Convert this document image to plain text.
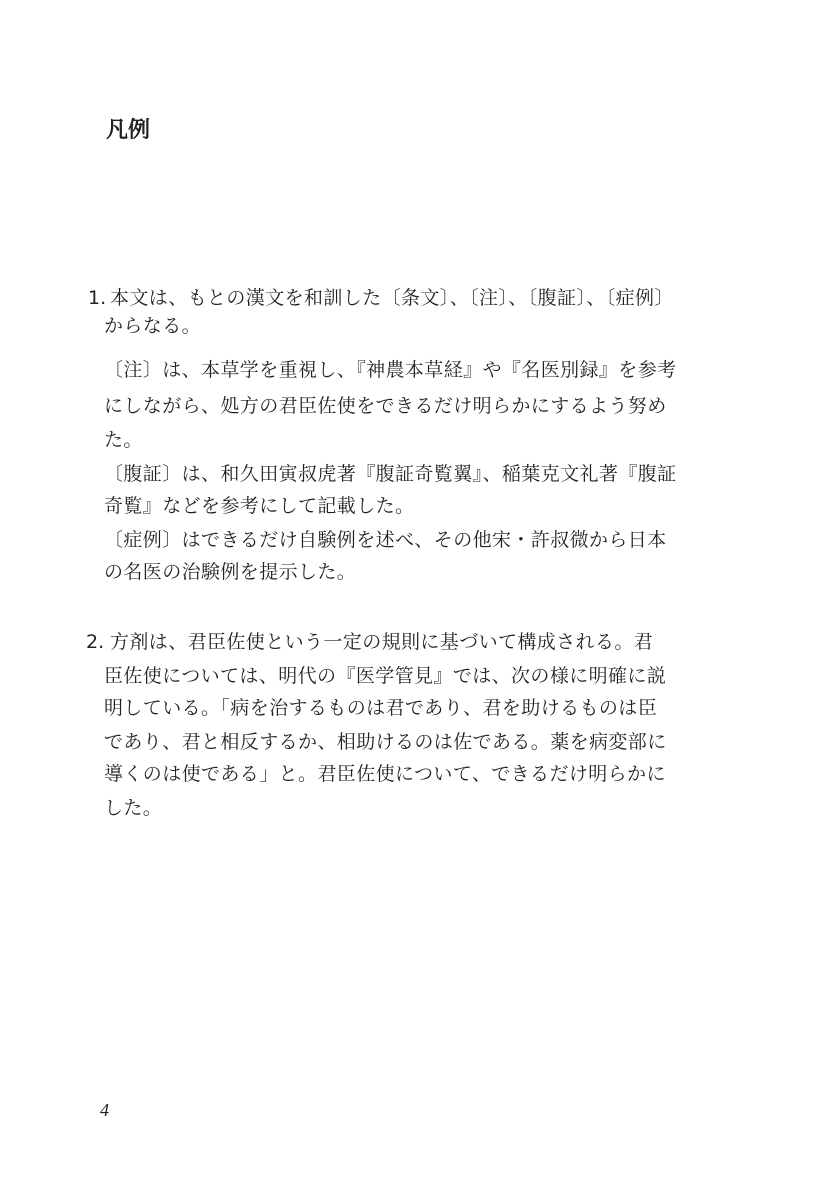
凡例
1. 本文は、もとの漢文を和訓した〔条文〕、〔注〕、〔腹証〕、〔症例〕
からなる。
〔注〕は、本草学を重視し、『神農本草経』や『名医別録』を参考
にしながら、処方の君臣佐使をできるだけ明らかにするよう努め
た。
〔腹証〕は、和久田寅叔虎著『腹証奇覧翼』、稲葉克文礼著『腹証
奇覧』などを参考にして記載した。
〔症例〕はできるだけ自験例を述べ、その他宋・許叔微から日本
の名医の治験例を提示した。
2. 方剤は、君臣佐使という一定の規則に基づいて構成される。君
臣佐使については、明代の『医学管見』では、次の様に明確に説
明している。「病を治するものは君であり、君を助けるものは臣
であり、君と相反するか、相助けるのは佐である。薬を病変部に
導くのは使である」と。君臣佐使について、できるだけ明らかに
した。
4
